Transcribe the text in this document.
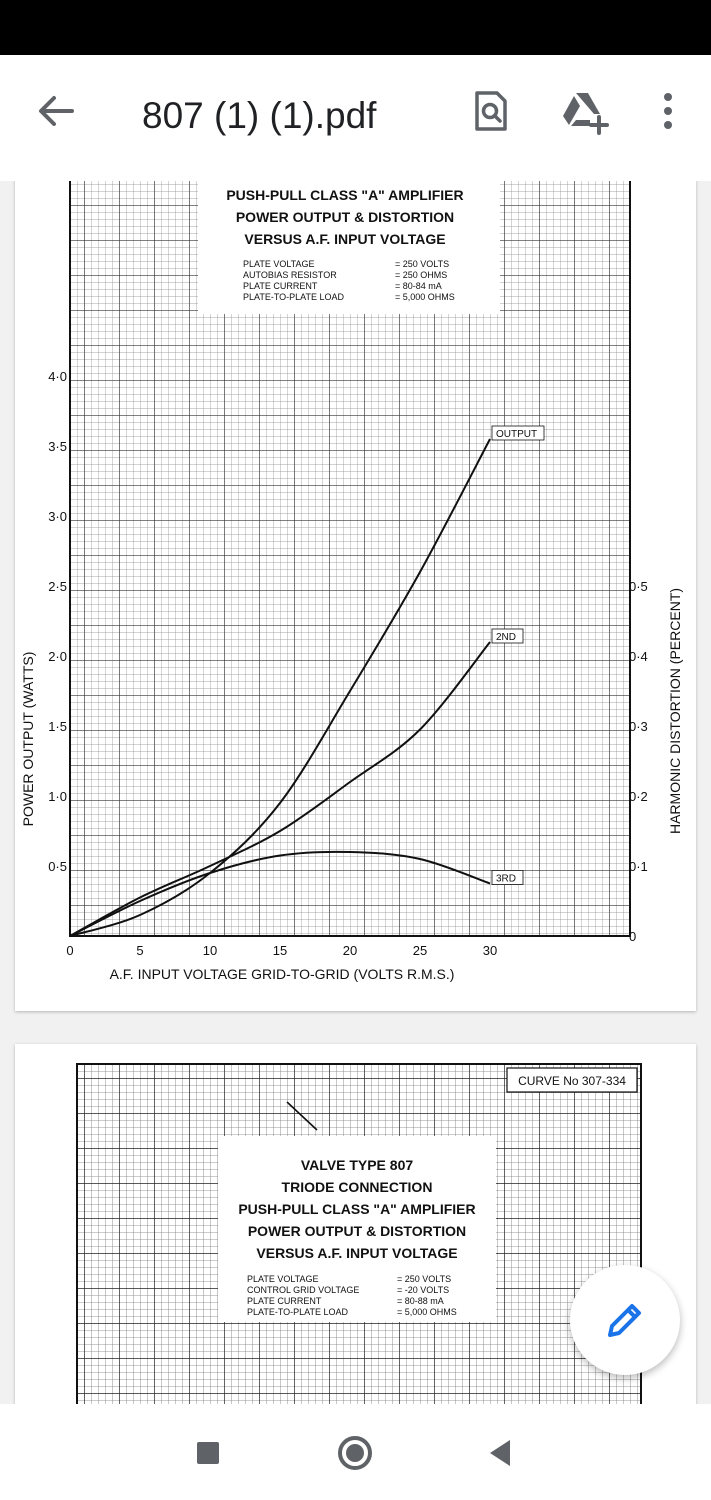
807 (1) (1).pdf
PUSH-PULL CLASS "A" AMPLIFIER
POWER OUTPUT & DISTORTION
VERSUS A.F. INPUT VOLTAGE
PLATE VOLTAGE	= 250 VOLTS
AUTOBIAS RESISTOR	= 250 OHMS
PLATE CURRENT	= 80-84 mA
PLATE-TO-PLATE LOAD	= 5,000 OHMS
0	5	10	15	20	25	30
0·5
1·0
1·5
2·0
2·5
3·0
3·5
4·0
0
0·1
0·2
0·3
0·4
0·5
OUTPUT
2ND
3RD
POWER OUTPUT (WATTS)	HARMONIC DISTORTION (PERCENT)
A.F. INPUT VOLTAGE GRID-TO-GRID (VOLTS R.M.S.)
CURVE No 307-334
VALVE TYPE 807
TRIODE CONNECTION
PUSH-PULL CLASS "A" AMPLIFIER
POWER OUTPUT & DISTORTION
VERSUS A.F. INPUT VOLTAGE
PLATE VOLTAGE	= 250 VOLTS
CONTROL GRID VOLTAGE	= -20 VOLTS
PLATE CURRENT	= 80-88 mA
PLATE-TO-PLATE LOAD	= 5,000 OHMS
